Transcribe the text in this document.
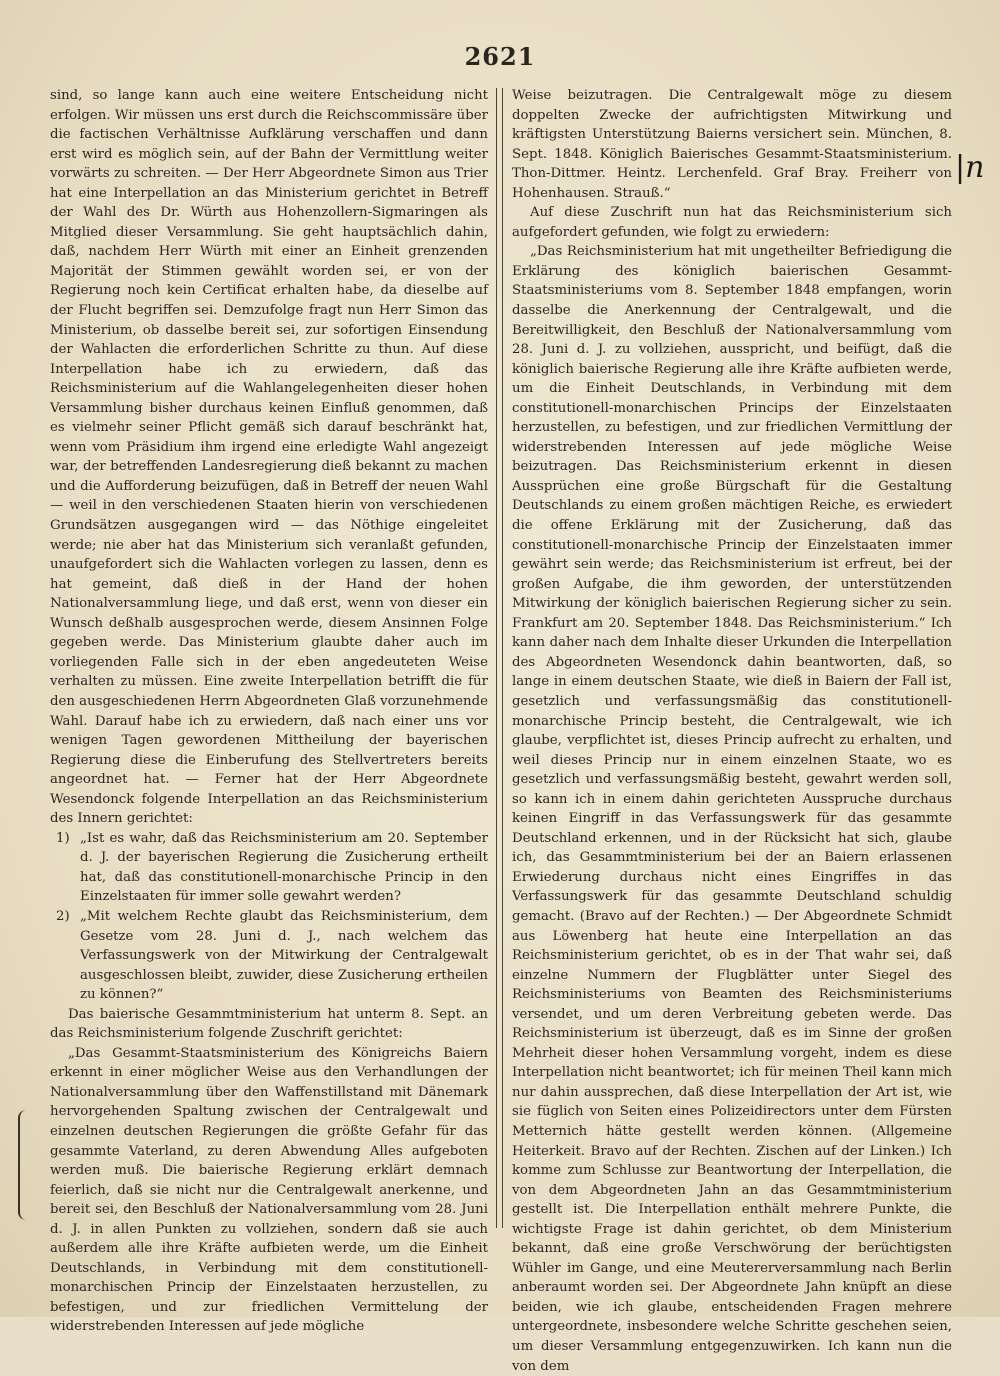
2621

sind, so lange kann auch eine weitere Entscheidung nicht erfolgen. Wir müssen uns erst durch die Reichscommissäre über die factischen Verhältnisse Aufklärung verschaffen und dann erst wird es möglich sein, auf der Bahn der Vermittlung weiter vorwärts zu schreiten. — Der Herr Abgeordnete Simon aus Trier hat eine Interpellation an das Ministerium gerichtet in Betreff der Wahl des Dr. Würth aus Hohenzollern-Sigmaringen als Mitglied dieser Versammlung. Sie geht hauptsächlich dahin, daß, nachdem Herr Würth mit einer an Einheit grenzenden Majorität der Stimmen gewählt worden sei, er von der Regierung noch kein Certificat erhalten habe, da dieselbe auf der Flucht begriffen sei. Demzufolge fragt nun Herr Simon das Ministerium, ob dasselbe bereit sei, zur sofortigen Einsendung der Wahlacten die erforderlichen Schritte zu thun. Auf diese Interpellation habe ich zu erwiedern, daß das Reichsministerium auf die Wahlangelegenheiten dieser hohen Versammlung bisher durchaus keinen Einfluß genommen, daß es vielmehr seiner Pflicht gemäß sich darauf beschränkt hat, wenn vom Präsidium ihm irgend eine erledigte Wahl angezeigt war, der betreffenden Landesregierung dieß bekannt zu machen und die Aufforderung beizufügen, daß in Betreff der neuen Wahl — weil in den verschiedenen Staaten hierin von verschiedenen Grundsätzen ausgegangen wird — das Nöthige eingeleitet werde; nie aber hat das Ministerium sich veranlaßt gefunden, unaufgefordert sich die Wahlacten vorlegen zu lassen, denn es hat gemeint, daß dieß in der Hand der hohen Nationalversammlung liege, und daß erst, wenn von dieser ein Wunsch deßhalb ausgesprochen werde, diesem Ansinnen Folge gegeben werde. Das Ministerium glaubte daher auch im vorliegenden Falle sich in der eben angedeuteten Weise verhalten zu müssen. Eine zweite Interpellation betrifft die für den ausgeschiedenen Herrn Abgeordneten Glaß vorzunehmende Wahl. Darauf habe ich zu erwiedern, daß nach einer uns vor wenigen Tagen gewordenen Mittheilung der bayerischen Regierung diese die Einberufung des Stellvertreters bereits angeordnet hat. — Ferner hat der Herr Abgeordnete Wesendonck folgende Interpellation an das Reichsministerium des Innern gerichtet:

1) „Ist es wahr, daß das Reichsministerium am 20. September d. J. der bayerischen Regierung die Zusicherung ertheilt hat, daß das constitutionell-monarchische Princip in den Einzelstaaten für immer solle gewahrt werden?
2) „Mit welchem Rechte glaubt das Reichsministerium, dem Gesetze vom 28. Juni d. J., nach welchem das Verfassungswerk von der Mitwirkung der Centralgewalt ausgeschlossen bleibt, zuwider, diese Zusicherung ertheilen zu können?“

Das baierische Gesammtministerium hat unterm 8. Sept. an das Reichsministerium folgende Zuschrift gerichtet:

„Das Gesammt-Staatsministerium des Königreichs Baiern erkennt in einer möglicher Weise aus den Verhandlungen der Nationalversammlung über den Waffenstillstand mit Dänemark hervorgehenden Spaltung zwischen der Centralgewalt und einzelnen deutschen Regierungen die größte Gefahr für das gesammte Vaterland, zu deren Abwendung Alles aufgeboten werden muß. Die baierische Regierung erklärt demnach feierlich, daß sie nicht nur die Centralgewalt anerkenne, und bereit sei, den Beschluß der Nationalversammlung vom 28. Juni d. J. in allen Punkten zu vollziehen, sondern daß sie auch außerdem alle ihre Kräfte aufbieten werde, um die Einheit Deutschlands, in Verbindung mit dem constitutionell-monarchischen Princip der Einzelstaaten herzustellen, zu befestigen, und zur friedlichen Vermittelung der widerstrebenden Interessen auf jede mögliche

Weise beizutragen. Die Centralgewalt möge zu diesem doppelten Zwecke der aufrichtigsten Mitwirkung und kräftigsten Unterstützung Baierns versichert sein. München, 8. Sept. 1848. Königlich Baierisches Gesammt-Staatsministerium. Thon-Dittmer. Heintz. Lerchenfeld. Graf Bray. Freiherr von Hohenhausen. Strauß.“

Auf diese Zuschrift nun hat das Reichsministerium sich aufgefordert gefunden, wie folgt zu erwiedern:

„Das Reichsministerium hat mit ungetheilter Befriedigung die Erklärung des königlich baierischen Gesammt-Staatsministeriums vom 8. September 1848 empfangen, worin dasselbe die Anerkennung der Centralgewalt, und die Bereitwilligkeit, den Beschluß der Nationalversammlung vom 28. Juni d. J. zu vollziehen, ausspricht, und beifügt, daß die königlich baierische Regierung alle ihre Kräfte aufbieten werde, um die Einheit Deutschlands, in Verbindung mit dem constitutionell-monarchischen Princips der Einzelstaaten herzustellen, zu befestigen, und zur friedlichen Vermittlung der widerstrebenden Interessen auf jede mögliche Weise beizutragen. Das Reichsministerium erkennt in diesen Aussprüchen eine große Bürgschaft für die Gestaltung Deutschlands zu einem großen mächtigen Reiche, es erwiedert die offene Erklärung mit der Zusicherung, daß das constitutionell-monarchische Princip der Einzelstaaten immer gewährt sein werde; das Reichsministerium ist erfreut, bei der großen Aufgabe, die ihm geworden, der unterstützenden Mitwirkung der königlich baierischen Regierung sicher zu sein. Frankfurt am 20. September 1848. Das Reichsministerium.“ Ich kann daher nach dem Inhalte dieser Urkunden die Interpellation des Abgeordneten Wesendonck dahin beantworten, daß, so lange in einem deutschen Staate, wie dieß in Baiern der Fall ist, gesetzlich und verfassungsmäßig das constitutionell-monarchische Princip besteht, die Centralgewalt, wie ich glaube, verpflichtet ist, dieses Princip aufrecht zu erhalten, und weil dieses Princip nur in einem einzelnen Staate, wo es gesetzlich und verfassungsmäßig besteht, gewahrt werden soll, so kann ich in einem dahin gerichteten Ausspruche durchaus keinen Eingriff in das Verfassungswerk für das gesammte Deutschland erkennen, und in der Rücksicht hat sich, glaube ich, das Gesammtministerium bei der an Baiern erlassenen Erwiederung durchaus nicht eines Eingriffes in das Verfassungswerk für das gesammte Deutschland schuldig gemacht. (Bravo auf der Rechten.) — Der Abgeordnete Schmidt aus Löwenberg hat heute eine Interpellation an das Reichsministerium gerichtet, ob es in der That wahr sei, daß einzelne Nummern der Flugblätter unter Siegel des Reichsministeriums von Beamten des Reichsministeriums versendet, und um deren Verbreitung gebeten werde. Das Reichsministerium ist überzeugt, daß es im Sinne der großen Mehrheit dieser hohen Versammlung vorgeht, indem es diese Interpellation nicht beantwortet; ich für meinen Theil kann mich nur dahin aussprechen, daß diese Interpellation der Art ist, wie sie füglich von Seiten eines Polizeidirectors unter dem Fürsten Metternich hätte gestellt werden können. (Allgemeine Heiterkeit. Bravo auf der Rechten. Zischen auf der Linken.) Ich komme zum Schlusse zur Beantwortung der Interpellation, die von dem Abgeordneten Jahn an das Gesammtministerium gestellt ist. Die Interpellation enthält mehrere Punkte, die wichtigste Frage ist dahin gerichtet, ob dem Ministerium bekannt, daß eine große Verschwörung der berüchtigsten Wühler im Gange, und eine Meutererversammlung nach Berlin anberaumt worden sei. Der Abgeordnete Jahn knüpft an diese beiden, wie ich glaube, entscheidenden Fragen mehrere untergeordnete, insbesondere welche Schritte geschehen seien, um dieser Versammlung entgegenzuwirken. Ich kann nun die von dem

|n
